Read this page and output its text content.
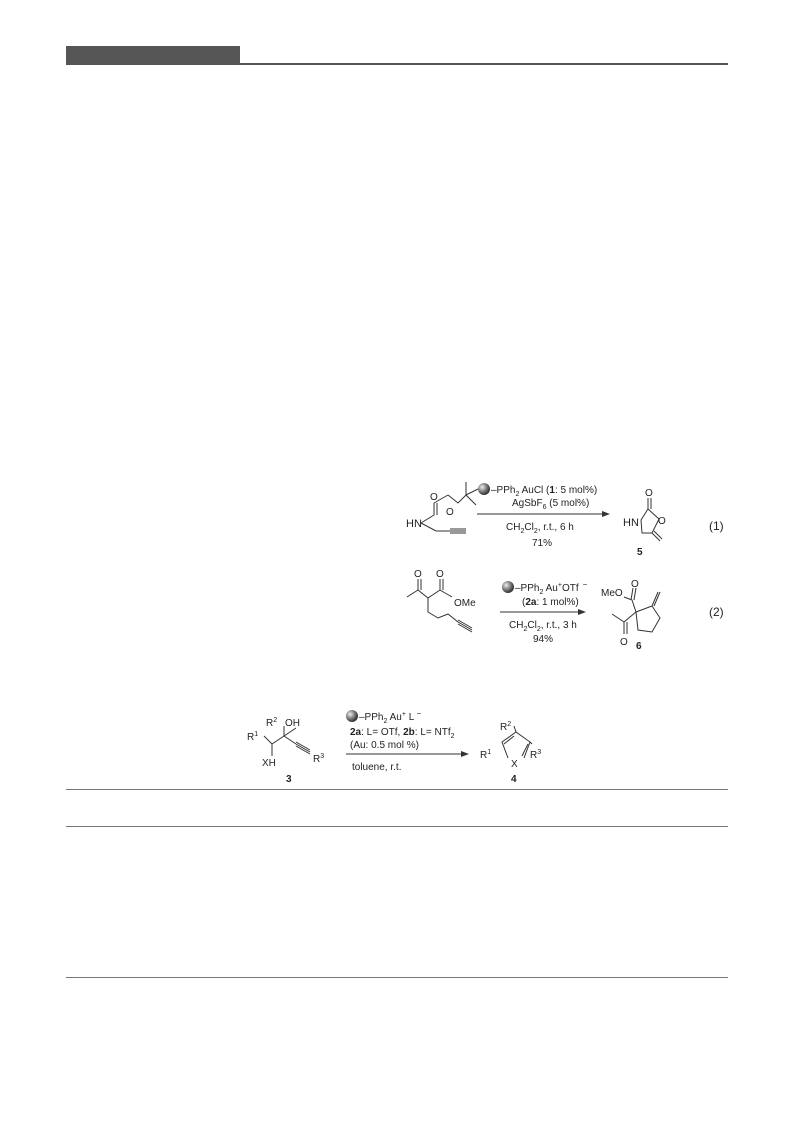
HN
O
O
–PPh$_2$ AuCl (1: 5 mol%)
AgSbF$_6$ (5 mol%)
$CH_2Cl_2$, r.t., 6 h
71%
HN
O
O
5
(1)
O O
OMe
–PPh$_2$ Au+OTf −
(2a: 1 mol%)
$CH_2Cl_2$, r.t., 3 h
94%
MeO
O
O 6
(2)
$R^1$
$R^2$ OH
XH	$R^3$
3
–PPh$_2$ Au+ L −
2a: L= OTf, 2b: L= NTf$_2$
(Au: 0.5 mol %)
toluene, r.t.
$R^2$
$R^1$	$R^3$
X
4
